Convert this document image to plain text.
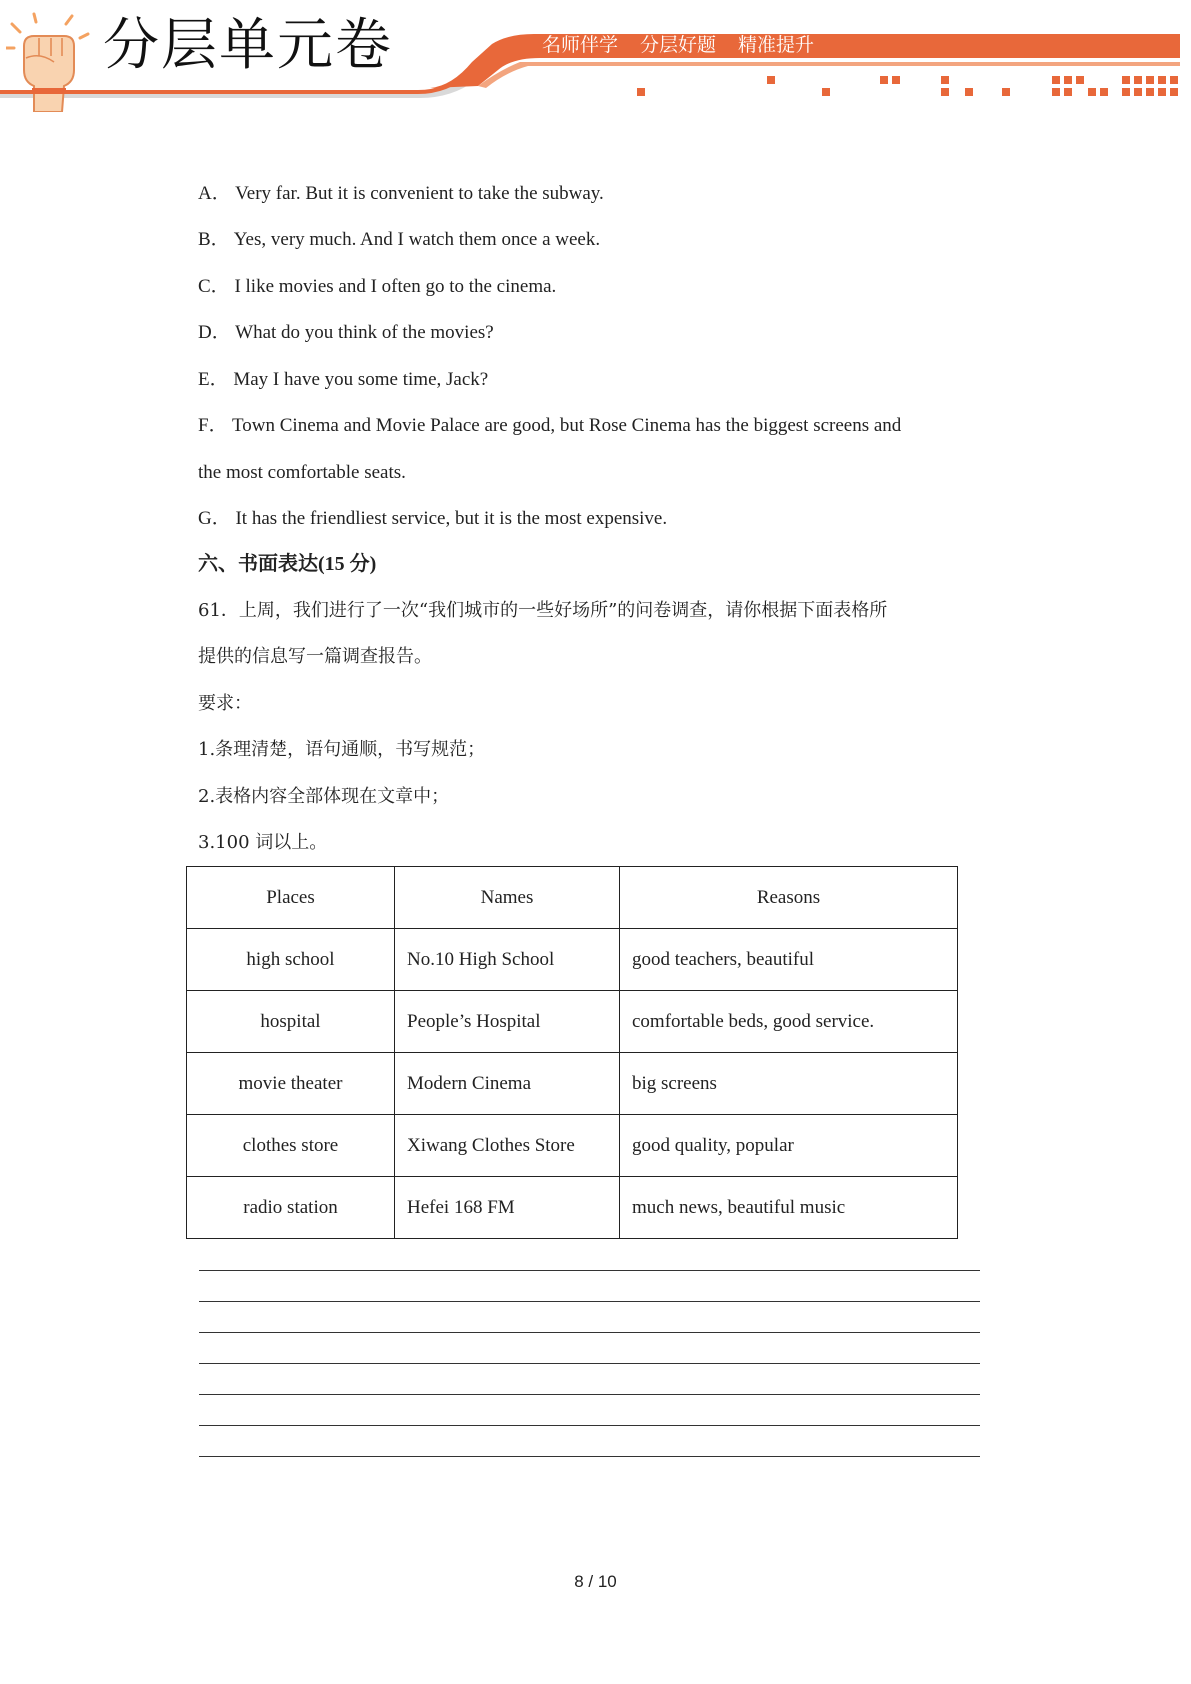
分层单元卷	名师伴学 分层好题 精准提升
A． Very far. But it is convenient to take the subway.
B． Yes, very much. And I watch them once a week.
C． I like movies and I often go to the cinema.
D． What do you think of the movies?
E． May I have you some time, Jack?
F． Town Cinema and Movie Palace are good, but Rose Cinema has the biggest screens and
the most comfortable seats.
G． It has the friendliest service, but it is the most expensive.
六、书面表达(15 分)
61．上周，我们进行了一次“我们城市的一些好场所”的问卷调查，请你根据下面表格所
提供的信息写一篇调查报告。
要求：
1.条理清楚，语句通顺，书写规范；
2.表格内容全部体现在文章中；
3.100 词以上。
Places	Names	Reasons
high school	No.10 High School	good teachers, beautiful
hospital	People’s Hospital	comfortable beds, good service.
movie theater	Modern Cinema	big screens
clothes store	Xiwang Clothes Store	good quality, popular
radio station	Hefei 168 FM	much news, beautiful music
8 / 10
